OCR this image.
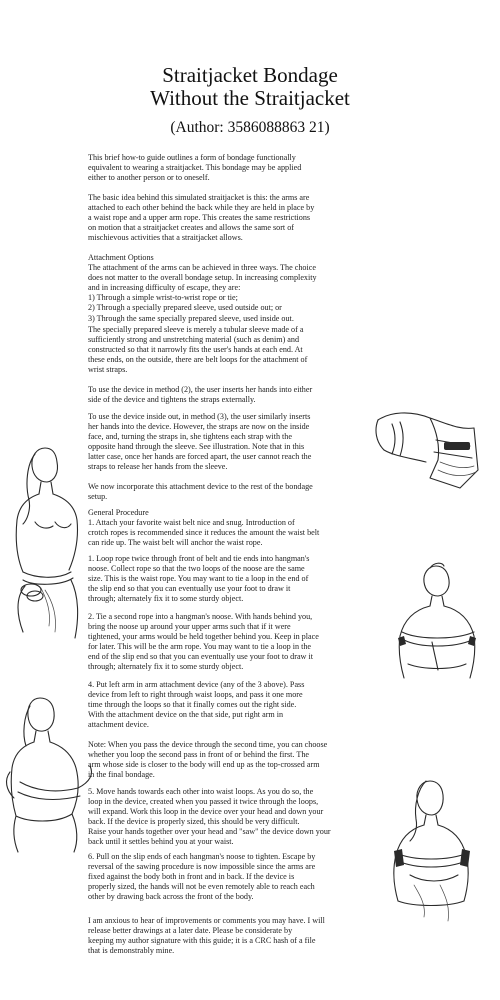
Straitjacket Bondage
Without the Straitjacket
(Author: 3586088863 21)
This brief how-to guide outlines a form of bondage functionally
equivalent to wearing a straitjacket. This bondage may be applied
either to another person or to oneself.
The basic idea behind this simulated straitjacket is this: the arms are
attached to each other behind the back while they are held in place by
a waist rope and a upper arm rope. This creates the same restrictions
on motion that a straitjacket creates and allows the same sort of
mischievous activities that a straitjacket allows.
Attachment Options
The attachment of the arms can be achieved in three ways. The choice
does not matter to the overall bondage setup. In increasing complexity
and in increasing difficulty of escape, they are:
1) Through a simple wrist-to-wrist rope or tie;
2) Through a specially prepared sleeve, used outside out; or
3) Through the same specially prepared sleeve, used inside out.
The specially prepared sleeve is merely a tubular sleeve made of a
sufficiently strong and unstretching material (such as denim) and
constructed so that it narrowly fits the user's hands at each end. At
these ends, on the outside, there are belt loops for the attachment of
wrist straps.
To use the device in method (2), the user inserts her hands into either
side of the device and tightens the straps externally.
To use the device inside out, in method (3), the user similarly inserts
her hands into the device. However, the straps are now on the inside
face, and, turning the straps in, she tightens each strap with the
opposite hand through the sleeve. See illustration. Note that in this
latter case, once her hands are forced apart, the user cannot reach the
straps to release her hands from the sleeve.
We now incorporate this attachment device to the rest of the bondage
setup.
General Procedure
1. Attach your favorite waist belt nice and snug. Introduction of
crotch ropes is recommended since it reduces the amount the waist belt
can ride up. The waist belt will anchor the waist rope.
1. Loop rope twice through front of belt and tie ends into hangman's
noose. Collect rope so that the two loops of the noose are the same
size. This is the waist rope. You may want to tie a loop in the end of
the slip end so that you can eventually use your foot to draw it
through; alternately fix it to some sturdy object.
2. Tie a second rope into a hangman's noose. With hands behind you,
bring the noose up around your upper arms such that if it were
tightened, your arms would be held together behind you. Keep in place
for later. This will be the arm rope. You may want to tie a loop in the
end of the slip end so that you can eventually use your foot to draw it
through; alternately fix it to some sturdy object.
4. Put left arm in arm attachment device (any of the 3 above). Pass
device from left to right through waist loops, and pass it one more
time through the loops so that it finally comes out the right side.
With the attachment device on the that side, put right arm in
attachment device.
Note: When you pass the device through the second time, you can choose
whether you loop the second pass in front of or behind the first. The
arm whose side is closer to the body will end up as the top-crossed arm
in the final bondage.
5. Move hands towards each other into waist loops. As you do so, the
loop in the device, created when you passed it twice through the loops,
will expand. Work this loop in the device over your head and down your
back. If the device is properly sized, this should be very difficult.
Raise your hands together over your head and "saw" the device down your
back until it settles behind you at your waist.
6. Pull on the slip ends of each hangman's noose to tighten. Escape by
reversal of the sawing procedure is now impossible since the arms are
fixed against the body both in front and in back. If the device is
properly sized, the hands will not be even remotely able to reach each
other by drawing back across the front of the body.
I am anxious to hear of improvements or comments you may have. I will
release better drawings at a later date. Please be considerate by
keeping my author signature with this guide; it is a CRC hash of a file
that is demonstrably mine.
